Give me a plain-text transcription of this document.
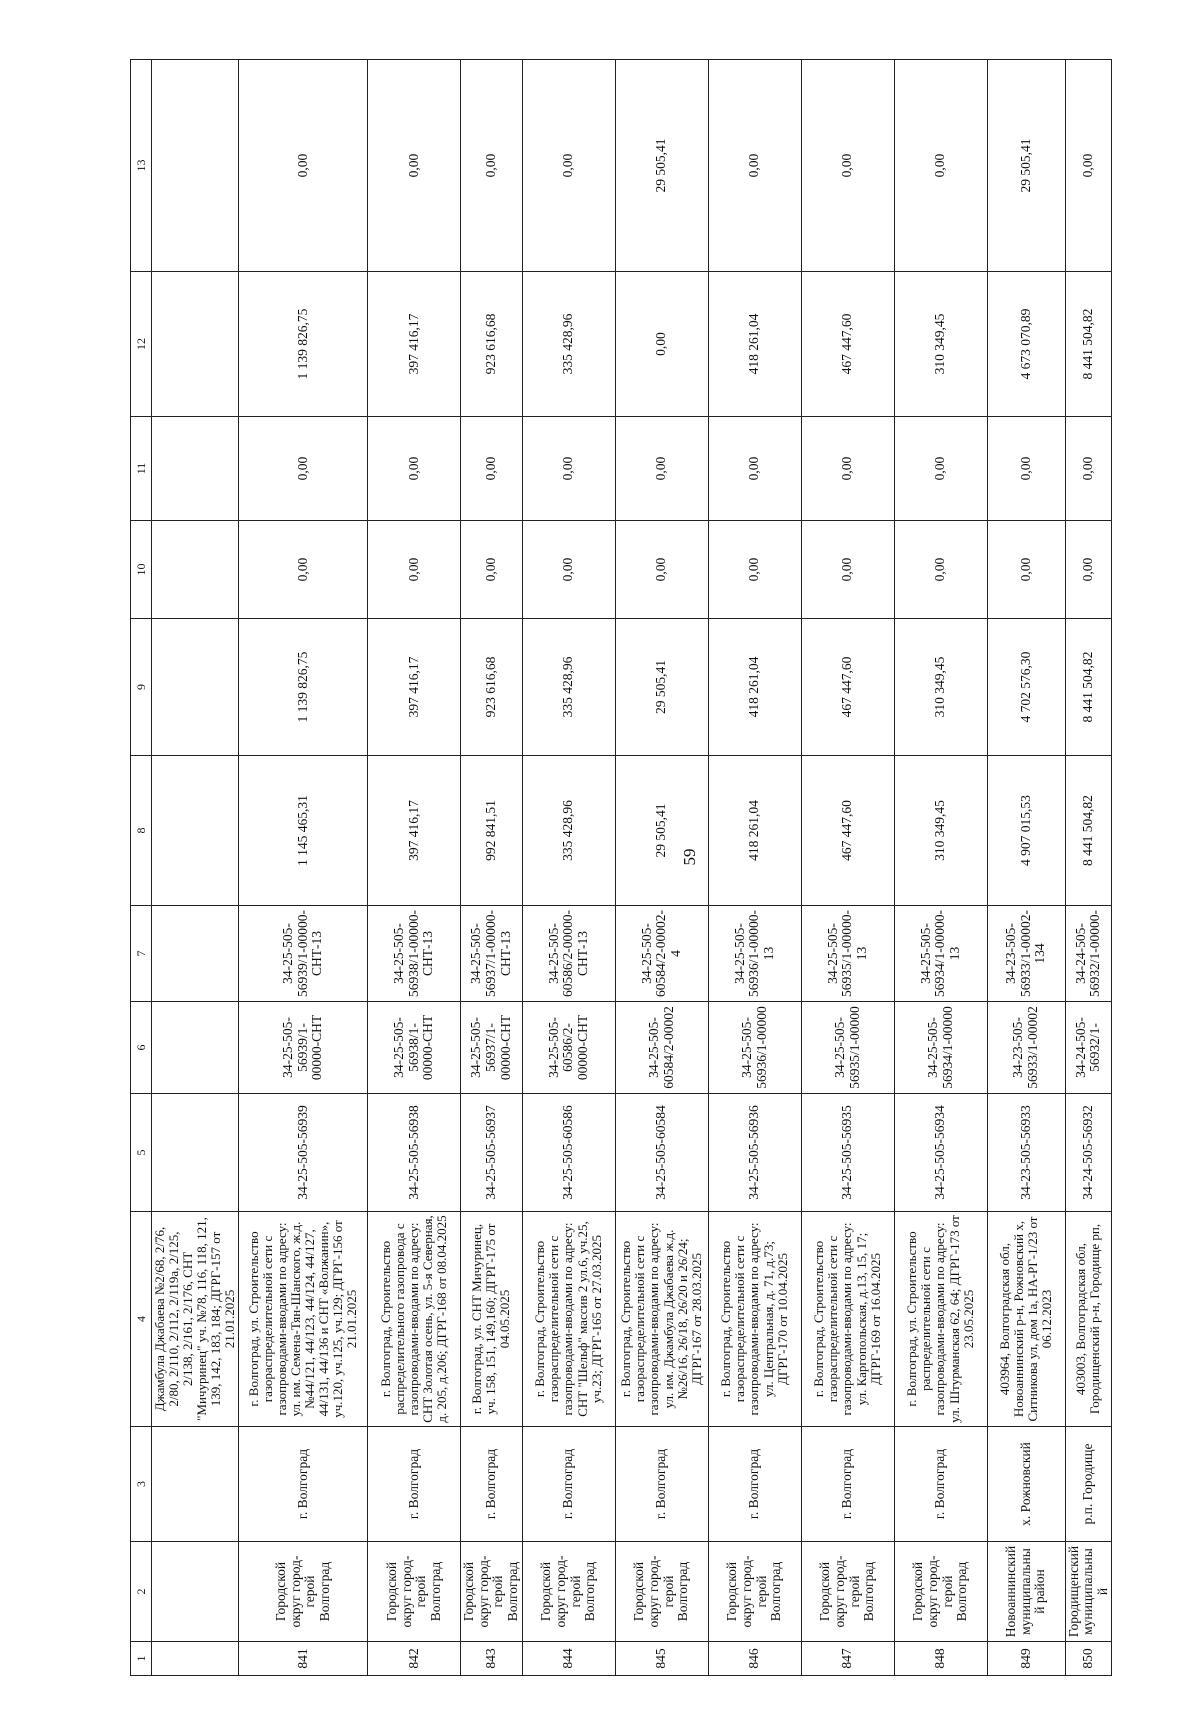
59
1	2	3	4	5	6	7	8	9	10	11	12	13
			Джамбула Джабаева №2/68, 2/76, 2/80, 2/110, 2/112, 2/119а, 2/125, 2/138, 2/161, 2/176, СНТ "Мичуринец" уч. №78, 116, 118, 121, 139, 142, 183, 184; ДГРГ-157 от 21.01.2025									
841	Городской округ город-герой Волгоград	г. Волгоград	г. Волгоград, ул. Строительство газораспределительной сети с газопроводами-вводами по адресу: ул. им. Семена-Тян-Шанского, ж.д. №44/121, 44/123, 44/124, 44/127, 44/131, 44/136 и СНТ «Волжанин», уч.120, уч.125, уч.129; ДГРГ-156 от 21.01.2025	34-25-505-56939	34-25-505-56939/1-00000-СНТ	34-25-505-56939/1-00000-СНТ-13	1 145 465,31	1 139 826,75	0,00	0,00	1 139 826,75	0,00
842	Городской округ город-герой Волгоград	г. Волгоград	г. Волгоград, Строительство распределительного газопровода с газопроводами-вводами по адресу: СНТ Золотая осень, ул. 5-я Северная, д. 205, д.206; ДГРГ-168 от 08.04.2025	34-25-505-56938	34-25-505-56938/1-00000-СНТ	34-25-505-56938/1-00000-СНТ-13	397 416,17	397 416,17	0,00	0,00	397 416,17	0,00
843	Городской округ город-герой Волгоград	г. Волгоград	г. Волгоград, ул. СНТ Мичуринец, уч. 158, 151, 149,160; ДГРГ-175 от 04.05.2025	34-25-505-56937	34-25-505-56937/1-00000-СНТ	34-25-505-56937/1-00000-СНТ-13	992 841,51	923 616,68	0,00	0,00	923 616,68	0,00
844	Городской округ город-герой Волгоград	г. Волгоград	г. Волгоград, Строительство газораспределительной сети с газопроводами-вводами по адресу: СНТ "Шельф" массив 2 ул.6, уч.25, уч.23; ДГРГ-165 от 27.03.2025	34-25-505-60586	34-25-505-60586/2-00000-СНТ	34-25-505-60586/2-00000-СНТ-13	335 428,96	335 428,96	0,00	0,00	335 428,96	0,00
845	Городской округ город-герой Волгоград	г. Волгоград	г. Волгоград, Строительство газораспределительной сети с газопроводами-вводами по адресу: ул. им. Джамбула Джабаева ж.д. №26/16, 26/18, 26/20 и 26/24; ДГРГ-167 от 28.03.2025	34-25-505-60584	34-25-505-60584/2-00002	34-25-505-60584/2-00002-4	29 505,41	29 505,41	0,00	0,00	0,00	29 505,41
846	Городской округ город-герой Волгоград	г. Волгоград	г. Волгоград, Строительство газораспределительной сети с газопроводами-вводами по адресу: ул. Центральная, д. 71, д.73; ДГРГ-170 от 10.04.2025	34-25-505-56936	34-25-505-56936/1-00000	34-25-505-56936/1-00000-13	418 261,04	418 261,04	0,00	0,00	418 261,04	0,00
847	Городской округ город-герой Волгоград	г. Волгоград	г. Волгоград, Строительство газораспределительной сети с газопроводами-вводами по адресу: ул. Каргопольская, д.13, 15, 17; ДГРГ-169 от 16.04.2025	34-25-505-56935	34-25-505-56935/1-00000	34-25-505-56935/1-00000-13	467 447,60	467 447,60	0,00	0,00	467 447,60	0,00
848	Городской округ город-герой Волгоград	г. Волгоград	г. Волгоград, ул. Строительство распределительной сети с газопроводами-вводами по адресу: ул. Штурманская 62, 64; ДГРГ-173 от 23.05.2025	34-25-505-56934	34-25-505-56934/1-00000	34-25-505-56934/1-00000-13	310 349,45	310 349,45	0,00	0,00	310 349,45	0,00
849	Новоаннинский муниципальный район	х. Рожновский	403964, Волгоградская обл, Новоаннинский р-н, Рожновский х, Ситникова ул, дом 1а, НА-РГ-1/23 от 06.12.2023	34-23-505-56933	34-23-505-56933/1-00002	34-23-505-56933/1-00002-134	4 907 015,53	4 702 576,30	0,00	0,00	4 673 070,89	29 505,41
850	Городищенский муниципальный	р.п. Городище	403003, Волгоградская обл, Городищенский р-н, Городище рп,	34-24-505-56932	34-24-505-56932/1-	34-24-505-56932/1-00000-	8 441 504,82	8 441 504,82	0,00	0,00	8 441 504,82	0,00
